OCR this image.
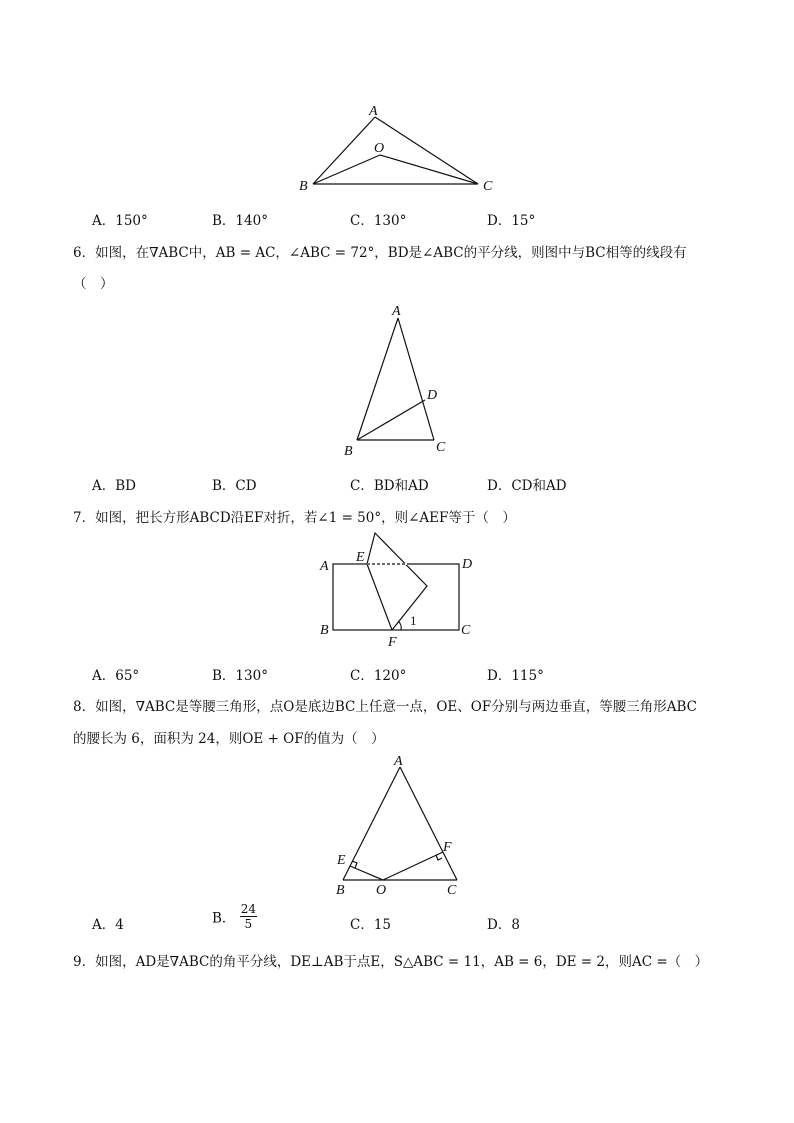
A
O
B	C
A．150°	B．140°	C．130°	D．15°
6．如图，在∇ABC中，AB = AC，∠ABC = 72°，BD是∠ABC的平分线，则图中与BC相等的线段有
（　）
A
D
B	C
A．BD	B．CD	C．BD和AD	D．CD和AD
7．如图，把长方形ABCD沿EF对折，若∠1 = 50°，则∠AEF等于（　）
A
E	D
B
F
C
1
A．65°	B．130°	C．120°	D．115°
8．如图，∇ABC是等腰三角形，点O是底边BC上任意一点，OE、OF分别与两边垂直，等腰三角形ABC
的腰长为 6，面积为 24，则OE + OF的值为（　）
A
E
F
B O	C
A．4	B． $\frac{24}{5}$	C．15	D．8
9．如图，AD是∇ABC的角平分线，DE⊥AB于点E，S△ABC = 11，AB = 6，DE = 2，则AC =（　）
